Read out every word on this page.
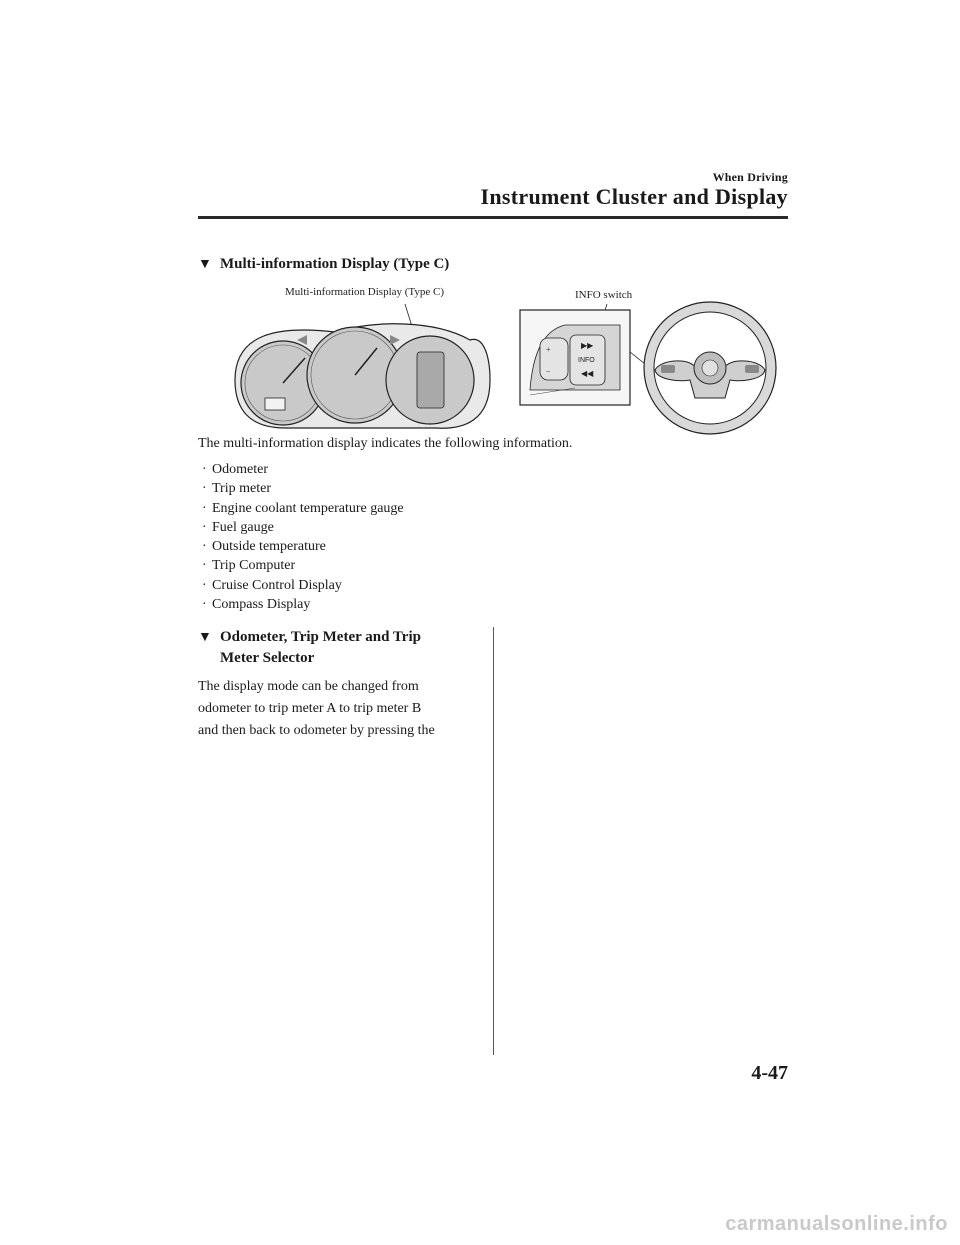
When Driving
Instrument Cluster and Display
▼ Multi-information Display (Type C)
Multi-information Display (Type C)	INFO switch
+
−
▶▶
INFO
◀◀
The multi-information display indicates the following information.
· Odometer
· Trip meter
· Engine coolant temperature gauge
· Fuel gauge
· Outside temperature
· Trip Computer
· Cruise Control Display
· Compass Display
▼ Odometer, Trip Meter and Trip
Meter Selector
The display mode can be changed from
odometer to trip meter A to trip meter B
and then back to odometer by pressing the
4-47
carmanualsonline.info
